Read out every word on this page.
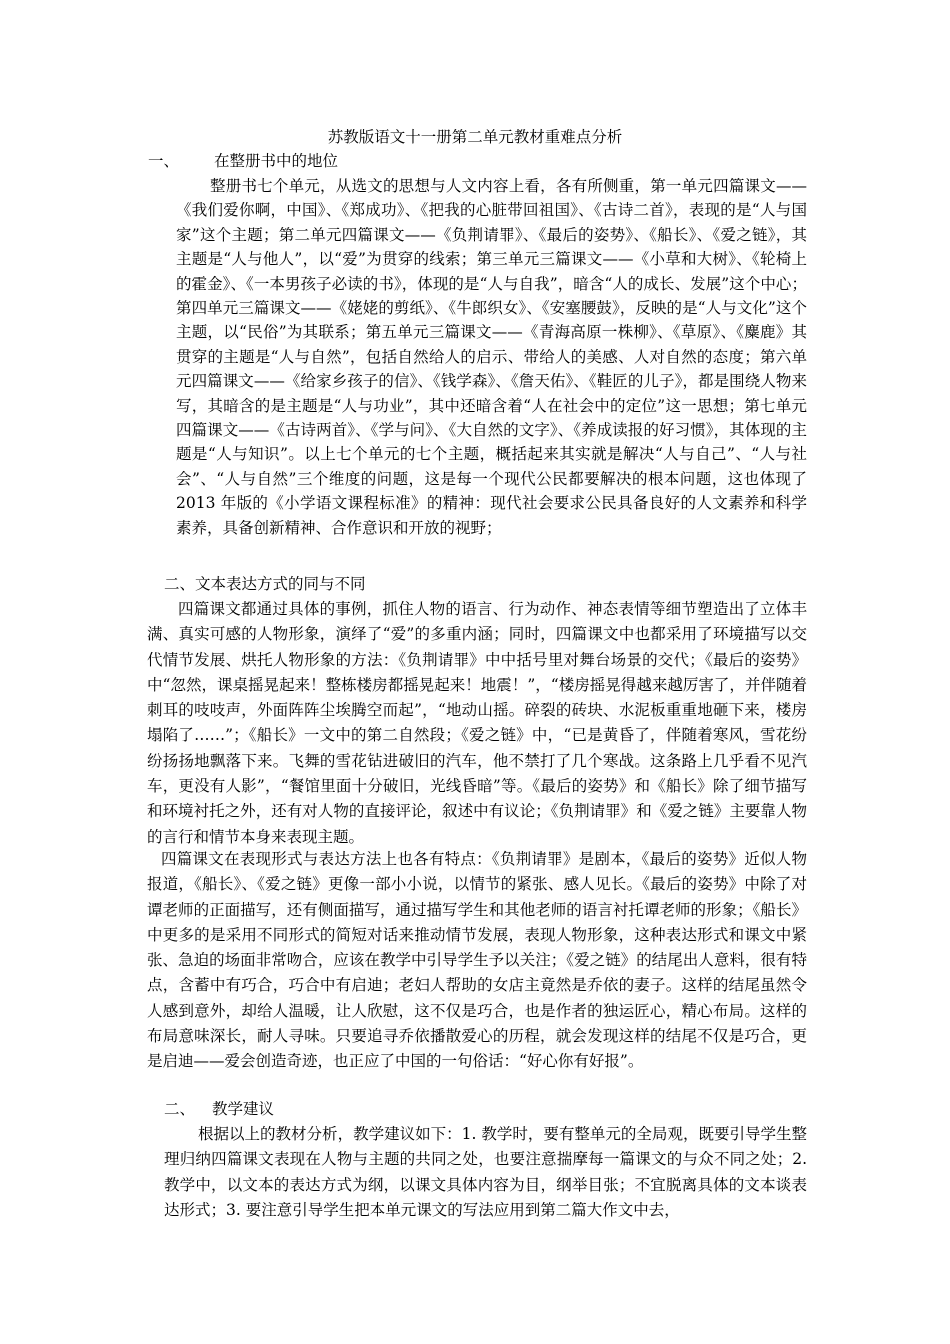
苏教版语文十一册第二单元教材重难点分析
一、 在整册书中的地位

整册书七个单元，从选文的思想与人文内容上看，各有所侧重，第一单元四篇课文——《我们爱你啊，中国》、《郑成功》、《把我的心脏带回祖国》、《古诗二首》，表现的是“人与国家”这个主题；第二单元四篇课文——《负荆请罪》、《最后的姿势》、《船长》、《爱之链》，其主题是“人与他人”，以“爱”为贯穿的线索；第三单元三篇课文——《小草和大树》、《轮椅上的霍金》、《一本男孩子必读的书》，体现的是“人与自我”，暗含“人的成长、发展”这个中心；第四单元三篇课文——《姥姥的剪纸》、《牛郎织女》、《安塞腰鼓》，反映的是“人与文化”这个主题，以“民俗”为其联系；第五单元三篇课文——《青海高原一株柳》、《草原》、《麋鹿》其贯穿的主题是“人与自然”，包括自然给人的启示、带给人的美感、人对自然的态度；第六单元四篇课文——《给家乡孩子的信》、《钱学森》、《詹天佑》、《鞋匠的儿子》，都是围绕人物来写，其暗含的是主题是“人与功业”，其中还暗含着“人在社会中的定位”这一思想；第七单元四篇课文——《古诗两首》、《学与问》、《大自然的文字》、《养成读报的好习惯》，其体现的主题是“人与知识”。以上七个单元的七个主题，概括起来其实就是解决“人与自己”、“人与社会”、“人与自然”三个维度的问题，这是每一个现代公民都要解决的根本问题，这也体现了 2013 年版的《小学语文课程标准》的精神：现代社会要求公民具备良好的人文素养和科学素养，具备创新精神、合作意识和开放的视野；

二、文本表达方式的同与不同

四篇课文都通过具体的事例，抓住人物的语言、行为动作、神态表情等细节塑造出了立体丰满、真实可感的人物形象，演绎了“爱”的多重内涵；同时，四篇课文中也都采用了环境描写以交代情节发展、烘托人物形象的方法：《负荆请罪》中中括号里对舞台场景的交代；《最后的姿势》中“忽然，课桌摇晃起来！整栋楼房都摇晃起来！地震！”，“楼房摇晃得越来越厉害了，并伴随着刺耳的吱吱声，外面阵阵尘埃腾空而起”，“地动山摇。碎裂的砖块、水泥板重重地砸下来，楼房塌陷了……”；《船长》一文中的第二自然段；《爱之链》中，“已是黄昏了，伴随着寒风，雪花纷纷扬扬地飘落下来。飞舞的雪花钻进破旧的汽车，他不禁打了几个寒战。这条路上几乎看不见汽车，更没有人影”，“餐馆里面十分破旧，光线昏暗”等。《最后的姿势》和《船长》除了细节描写和环境衬托之外，还有对人物的直接评论，叙述中有议论；《负荆请罪》和《爱之链》主要靠人物的言行和情节本身来表现主题。

四篇课文在表现形式与表达方法上也各有特点：《负荆请罪》是剧本，《最后的姿势》近似人物报道，《船长》、《爱之链》更像一部小小说，以情节的紧张、感人见长。《最后的姿势》中除了对谭老师的正面描写，还有侧面描写，通过描写学生和其他老师的语言衬托谭老师的形象；《船长》中更多的是采用不同形式的简短对话来推动情节发展，表现人物形象，这种表达形式和课文中紧张、急迫的场面非常吻合，应该在教学中引导学生予以关注；《爱之链》的结尾出人意料，很有特点，含蓄中有巧合，巧合中有启迪；老妇人帮助的女店主竟然是乔依的妻子。这样的结尾虽然令人感到意外，却给人温暖，让人欣慰，这不仅是巧合，也是作者的独运匠心，精心布局。这样的布局意味深长，耐人寻味。只要追寻乔依播散爱心的历程，就会发现这样的结尾不仅是巧合，更是启迪——爱会创造奇迹，也正应了中国的一句俗话：“好心你有好报”。

二、 教学建议

根据以上的教材分析，教学建议如下：1. 教学时，要有整单元的全局观，既要引导学生整理归纳四篇课文表现在人物与主题的共同之处，也要注意揣摩每一篇课文的与众不同之处；2. 教学中，以文本的表达方式为纲，以课文具体内容为目，纲举目张；不宜脱离具体的文本谈表达形式；3. 要注意引导学生把本单元课文的写法应用到第二篇大作文中去，
